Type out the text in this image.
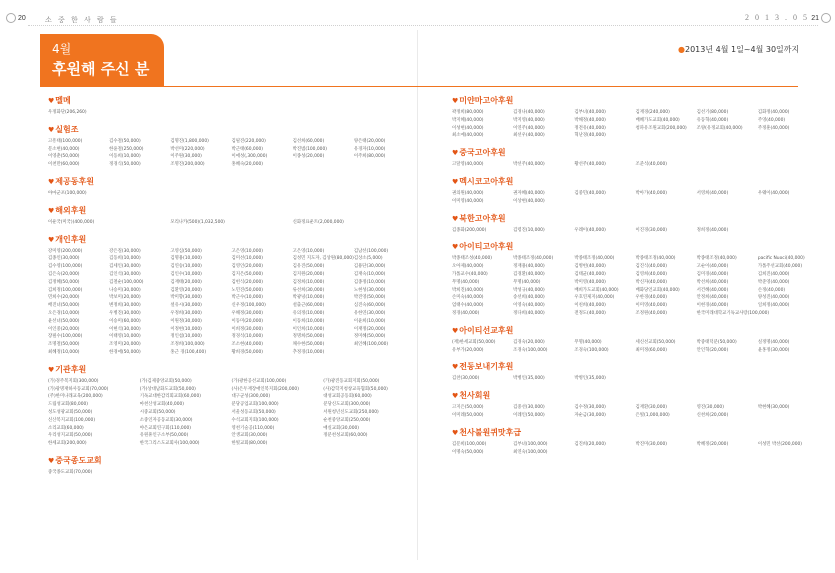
20	소 중 한 사 람 들	2 0 1 3 . 0 5 21
4월
후원해 주신 분
●2013년 4월 1일~4월 30일까지
♥멜메
우정화단(206,260)
♥실험조
고흥태(100,000)	김수철(50,000)	김명진(1,800,000)	김필진(220,000)	김선희(60,000)	양은태(20,000)
문소현(40,000)	한윤철(250,000)	박선미(220,000)	박근태(60,000)	박진범(100,000)	유경자(10,000)
이영춘(50,000)	이동희(10,000)	이주원(30,000)	이애성(,300,000)	이종성(20,000)	이주희(80,000)
이천만(60,000)	정경식(50,000)	조명진(200,000)	홍혜숙(20,000)
♥제공동후원
아마군포(100,000)
♥해외후원
이운국(미국)(400,000)	모리나카(500)(1,032,500)	신화정표운트(2,000,000)
♥개인후원
강미영(200,000)	강은질(30,000)	고영심(50,000)	고은영(10,000)	고은영(10,000)	김남선(100,000)
김종인(30,000)	김동희(10,000)	김명용(10,000)	김미선(10,000)	김성민 지도자, 김상원(80,000) 김상소(5,000)
김수영(100,000)	김세인(30,000)	김연승(10,000)	김영인(20,000)	김유진(50,000)	김용단(30,000)
김은숙(20,000)	김인석(30,000)	김인수(10,000)	김지은(50,000)	김지원(20,000)	김재숙(10,000)
김정혜(50,000)	김철순(100,000)	김재태(20,000)	김헌식(20,000)	김정희(10,000)	김종정(10,000)
김희정(100,000)	나승미(30,000)	김환영(20,000)	노민진(50,000)	류선희(30,000)	노현성(30,000)
민희수(20,000)	박보미(20,000)	박미향(30,000)	박근수(10,000)	박광녕(10,000)	박진영(50,000)
배진녀(50,000)	변정희(30,000)	설유시(30,000)	신우정(100,000)	설출근(60,000)	심진숙(60,000)
오은경(10,000)	우병진(30,000)	우정희(30,000)	우해정(30,000)	유의정(10,000)	유한연(30,000)
윤선녀(50,000)	이승미(60,000)	이원정(30,000)	이동미(20,000)	이동희(10,000)	이윤희(10,000)
이인중(20,000)	이현석(30,000)	이정현(10,000)	이희정(30,000)	이인희(10,000)	이재정(20,000)
장필수(100,000)	이태영(10,000)	정인섭(10,000)	정경석(10,000)	정명희(50,000)	정미혜(50,000)
조명철(50,000)	조영미(20,000)	조정희(100,000)	조소현(40,000)	채수현(50,000)	최인혜(100,000)
최혜정(10,000)	한경애(50,000)	홍근 경(100,400)	황희경(50,000)	추정경(10,000)
♥기관후원
(가)경주복지회(300,000)	(가)김제중앙교회(50,000)	(가)광한공선교회(100,000)	(가)광진동교회지회(50,000)
(가)광명재하사동교회(70,000)	(가)상대남화도교회(50,000)	(사)은두재장애인복지회(200,000)	(사)감학지청창교육협회(50,000)
(주)한미나래교육(200,000)	기독교대한감리회교회(60,000)	대구군성(300,000)	대성교회공동회(60,000)
드림성교회(80,000)	마천산성교회(40,000)	분당공업교회(100,000)	분당신도교회(300,000)
성도성광교회(50,000)	시중교회(50,000)	서울성동교회(50,000)	서원청년신도교회(250,000)
신산복지교회(100,000)	소중인자공동교회(30,000)	수석교회지회(100,000)	순천중앙교회(250,000)
소리교회(60,000)	야은교회연구회(110,000)	영천기술공(110,000)	애실교회(30,000)
우리성지교회(50,000)	유원휴인구소부(50,000)	안생교회(30,000)	정분천성교회(60,000)
한세교회(200,000)	한국그리스도교회사(100,000)	한빛교회(80,000)
♥중국종도교회
중국종도교회(70,000)
♥미얀마고아후원
곽정희(80,000)	김경나(40,000)	김부녀(40,000)	김재경(240,000)	김선기(80,000)	김화정(40,000)
박지혜(40,000)	박지영(40,000)	박해정(40,000)	배혜가도교회(40,000)	유동혁(40,000)	주영(40,000)
이성현(40,000)	이연주(40,000)	정전유(40,000)	청파유조원교회(200,000)	조양(유정교회(40,000)	주정훈(40,000)
최소예(40,000)	최선우(40,000)	혁난경(40,000)
♥중국고아후원
고달영(40,000)	박선주(40,000)	황선주(40,000)	조준석(40,000)
♥멕시코고아후원
권의원(40,000)	권자혜(40,000)	김중민(40,000)	박아가(40,000)	서영희(40,000)	우웨이(40,000)
이미영(40,000)	이상현(40,000)
♥북한고아후원
김종화(200,000)	김령진(10,000)	우례이(40,000)	이진경(30,000)	정희정(40,000)
♥아이티고아후원
박종태조성(40,000)	박종태조정(40,000)	박종태조정(40,000)	박종태조정(40,000)	박종태조정(40,000)	pacific Nuoci(40,000)
오아제(40,000)	정재용(40,000)	김병헌(40,000)	김진식(40,000)	고순이(40,000)	가톨주선교회(40,000)
가톨교수(40,000)	김경환(40,000)	김태균(40,000)	김영희(40,000)	김미경(40,000)	김희진(40,000)
무명(40,000)	무명(40,000)	박미영(40,000)	박신자(40,000)	박선희(40,000)	박준영(40,000)
박희진(40,000)	박성규(40,000)	배희가도교회(40,000)	배화당언교회(40,000)	서건혜(40,000)	손정(40,000)
손미숙(40,000)	송선희(40,000)	우호연제지(40,000)	우한경(40,000)	안정희(40,000)	양성진(40,000)
엄태수(40,000)	이영숙(40,000)	이친희(40,000)	이미영(40,000)	이현경(40,000)	일희정(40,000)
정경(40,000)	정다희(40,000)	전정도(40,000)	조정원(40,000)	한국미래대학교기독교사랑(100,000)
♥아이티선교후원
(재)한세교회(50,000)	김경숙(20,000)	무명(40,000)	세신선교회(50,000)	박중태덕분(50,000)	실정명(40,000)
유부가(20,000)	조경숙(100,000)	조경숙(100,000)	최미정(60,000)	안인혁(20,000)	윤홍정(30,000)
♥전동보내기후원
김찬(30,000)	박병인(35,000)	박병인(35,000)
♥천사회원
고지은(50,000)	김중선(30,000)	김수정(30,000)	김재환(30,000)	영진(30,000)	박현혜(30,000)
이미례(50,000)	이례인(50,000)	자순금(30,000)	은빛(1,000,000)	신천희(20,000)
♥천사불원퀴맛후급
김문희(100,000)	김부녀(100,000)	김진희(20,000)	박진미(30,000)	박혜정(20,000)	이성민 박선(200,000)
이명숙(50,000)	최연숙(100,000)
